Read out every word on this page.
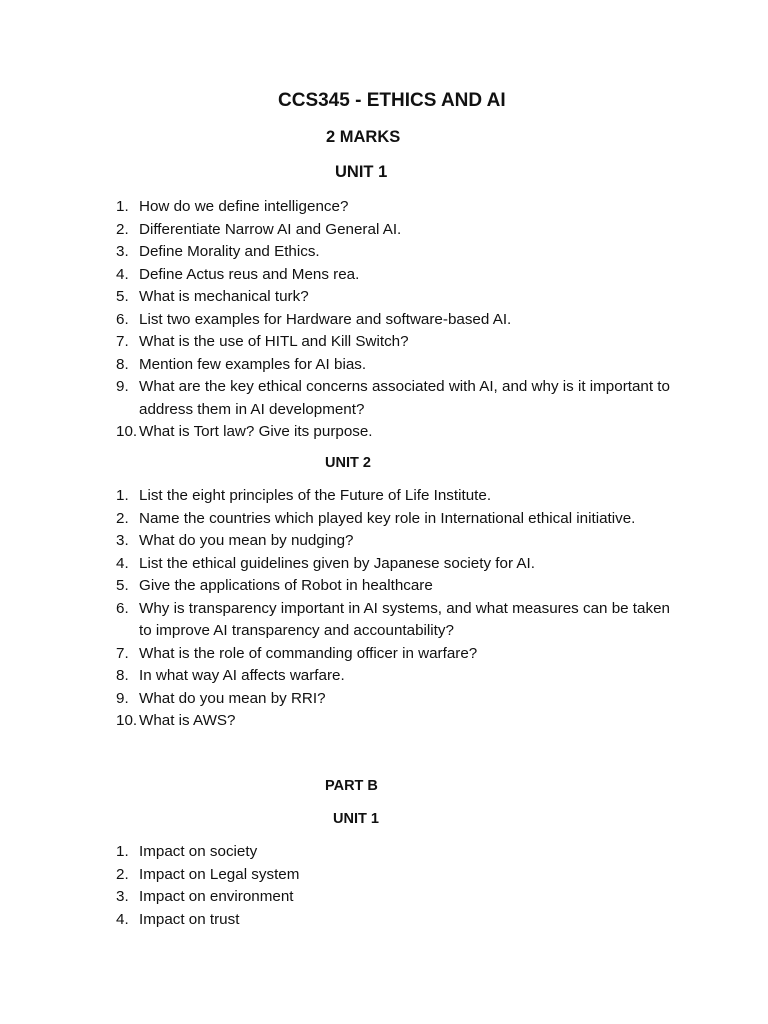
CCS345 - ETHICS AND AI
2 MARKS
UNIT 1
1. How do we define intelligence?
2. Differentiate Narrow AI and General AI.
3. Define Morality and Ethics.
4. Define Actus reus and Mens rea.
5. What is mechanical turk?
6. List two examples for Hardware and software-based AI.
7. What is the use of HITL and Kill Switch?
8. Mention few examples for AI bias.
9. What are the key ethical concerns associated with AI, and why is it important to address them in AI development?
10. What is Tort law? Give its purpose.
UNIT 2
1. List the eight principles of the Future of Life Institute.
2. Name the countries which played key role in International ethical initiative.
3. What do you mean by nudging?
4. List the ethical guidelines given by Japanese society for AI.
5. Give the applications of Robot in healthcare
6. Why is transparency important in AI systems, and what measures can be taken to improve AI transparency and accountability?
7. What is the role of commanding officer in warfare?
8. In what way AI affects warfare.
9. What do you mean by RRI?
10. What is AWS?
PART B
UNIT 1
1. Impact on society
2. Impact on Legal system
3. Impact on environment
4. Impact on trust
